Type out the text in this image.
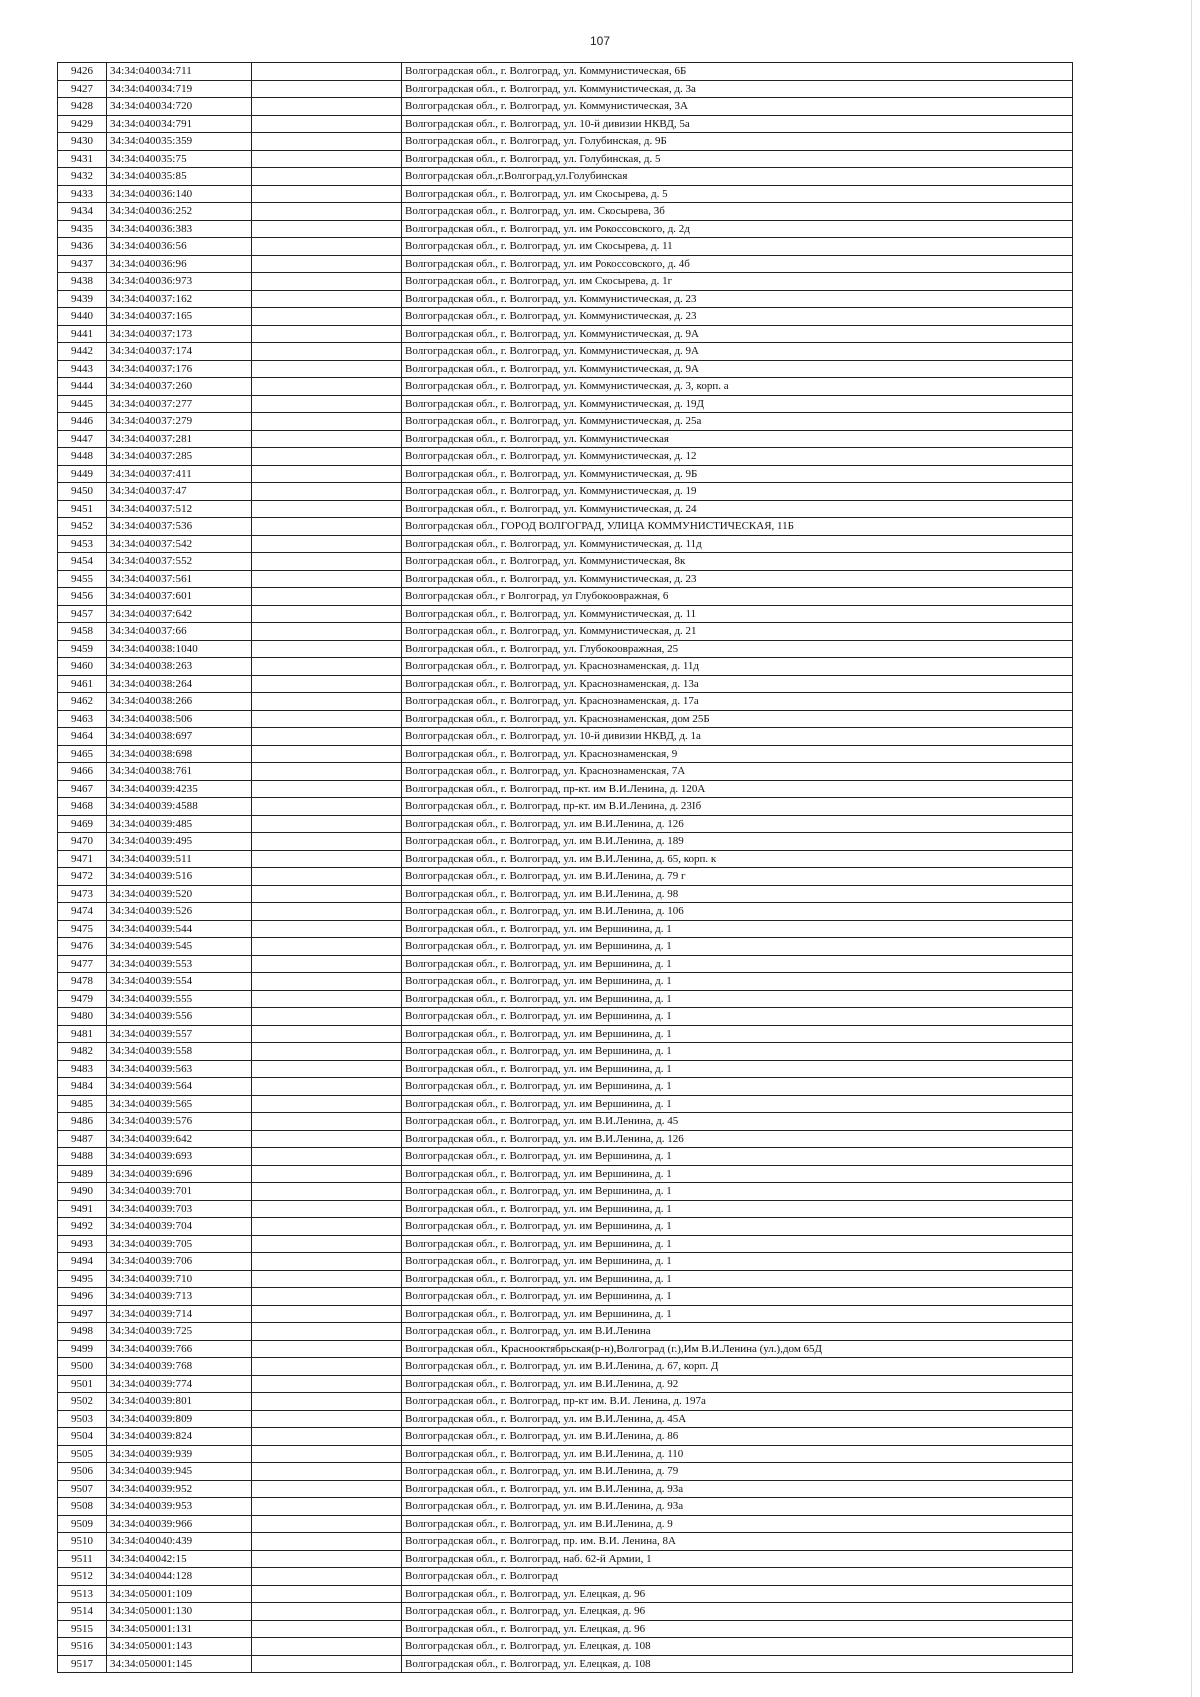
107
9426	34:34:040034:711		Волгоградская обл., г. Волгоград, ул. Коммунистическая, 6Б
9427	34:34:040034:719		Волгоградская обл., г. Волгоград, ул. Коммунистическая, д. 3а
9428	34:34:040034:720		Волгоградская обл., г. Волгоград, ул. Коммунистическая, 3А
9429	34:34:040034:791		Волгоградская обл., г. Волгоград, ул. 10-й дивизии НКВД, 5а
9430	34:34:040035:359		Волгоградская обл., г. Волгоград, ул. Голубинская, д. 9Б
9431	34:34:040035:75		Волгоградская обл., г. Волгоград, ул. Голубинская, д. 5
9432	34:34:040035:85		Волгоградская обл.,г.Волгоград,ул.Голубинская
9433	34:34:040036:140		Волгоградская обл., г. Волгоград, ул. им Скосырева, д. 5
9434	34:34:040036:252		Волгоградская обл., г. Волгоград, ул. им. Скосырева, 3б
9435	34:34:040036:383		Волгоградская обл., г. Волгоград, ул. им Рокоссовского, д. 2д
9436	34:34:040036:56		Волгоградская обл., г. Волгоград, ул. им Скосырева, д. 11
9437	34:34:040036:96		Волгоградская обл., г. Волгоград, ул. им Рокоссовского, д. 4б
9438	34:34:040036:973		Волгоградская обл., г. Волгоград, ул. им Скосырева, д. 1г
9439	34:34:040037:162		Волгоградская обл., г. Волгоград, ул. Коммунистическая, д. 23
9440	34:34:040037:165		Волгоградская обл., г. Волгоград, ул. Коммунистическая, д. 23
9441	34:34:040037:173		Волгоградская обл., г. Волгоград, ул. Коммунистическая, д. 9А
9442	34:34:040037:174		Волгоградская обл., г. Волгоград, ул. Коммунистическая, д. 9А
9443	34:34:040037:176		Волгоградская обл., г. Волгоград, ул. Коммунистическая, д. 9А
9444	34:34:040037:260		Волгоградская обл., г. Волгоград, ул. Коммунистическая, д. 3, корп. а
9445	34:34:040037:277		Волгоградская обл., г. Волгоград, ул. Коммунистическая, д. 19Д
9446	34:34:040037:279		Волгоградская обл., г. Волгоград, ул. Коммунистическая, д. 25а
9447	34:34:040037:281		Волгоградская обл., г. Волгоград, ул. Коммунистическая
9448	34:34:040037:285		Волгоградская обл., г. Волгоград, ул. Коммунистическая, д. 12
9449	34:34:040037:411		Волгоградская обл., г. Волгоград, ул. Коммунистическая, д. 9Б
9450	34:34:040037:47		Волгоградская обл., г. Волгоград, ул. Коммунистическая, д. 19
9451	34:34:040037:512		Волгоградская обл., г. Волгоград, ул. Коммунистическая, д. 24
9452	34:34:040037:536		Волгоградская обл., ГОРОД ВОЛГОГРАД, УЛИЦА КОММУНИСТИЧЕСКАЯ, 11Б
9453	34:34:040037:542		Волгоградская обл., г. Волгоград, ул. Коммунистическая, д. 11д
9454	34:34:040037:552		Волгоградская обл., г. Волгоград, ул. Коммунистическая, 8к
9455	34:34:040037:561		Волгоградская обл., г. Волгоград, ул. Коммунистическая, д. 23
9456	34:34:040037:601		Волгоградская обл., г Волгоград, ул Глубокоовражная, 6
9457	34:34:040037:642		Волгоградская обл., г. Волгоград, ул. Коммунистическая, д. 11
9458	34:34:040037:66		Волгоградская обл., г. Волгоград, ул. Коммунистическая, д. 21
9459	34:34:040038:1040		Волгоградская обл., г. Волгоград, ул. Глубокоовражная, 25
9460	34:34:040038:263		Волгоградская обл., г. Волгоград, ул. Краснознаменская, д. 11д
9461	34:34:040038:264		Волгоградская обл., г. Волгоград, ул. Краснознаменская, д. 13а
9462	34:34:040038:266		Волгоградская обл., г. Волгоград, ул. Краснознаменская, д. 17а
9463	34:34:040038:506		Волгоградская обл., г. Волгоград, ул. Краснознаменская, дом 25Б
9464	34:34:040038:697		Волгоградская обл., г. Волгоград, ул. 10-й дивизии НКВД, д. 1а
9465	34:34:040038:698		Волгоградская обл., г. Волгоград, ул. Краснознаменская, 9
9466	34:34:040038:761		Волгоградская обл., г. Волгоград, ул. Краснознаменская, 7А
9467	34:34:040039:4235		Волгоградская обл., г. Волгоград, пр-кт. им В.И.Ленина, д. 120А
9468	34:34:040039:4588		Волгоградская обл., г. Волгоград, пр-кт. им В.И.Ленина, д. 23Іб
9469	34:34:040039:485		Волгоградская обл., г. Волгоград, ул. им В.И.Ленина, д. 126
9470	34:34:040039:495		Волгоградская обл., г. Волгоград, ул. им В.И.Ленина, д. 189
9471	34:34:040039:511		Волгоградская обл., г. Волгоград, ул. им В.И.Ленина, д. 65, корп. к
9472	34:34:040039:516		Волгоградская обл., г. Волгоград, ул. им В.И.Ленина, д. 79 г
9473	34:34:040039:520		Волгоградская обл., г. Волгоград, ул. им В.И.Ленина, д. 98
9474	34:34:040039:526		Волгоградская обл., г. Волгоград, ул. им В.И.Ленина, д. 106
9475	34:34:040039:544		Волгоградская обл., г. Волгоград, ул. им Вершинина, д. 1
9476	34:34:040039:545		Волгоградская обл., г. Волгоград, ул. им Вершинина, д. 1
9477	34:34:040039:553		Волгоградская обл., г. Волгоград, ул. им Вершинина, д. 1
9478	34:34:040039:554		Волгоградская обл., г. Волгоград, ул. им Вершинина, д. 1
9479	34:34:040039:555		Волгоградская обл., г. Волгоград, ул. им Вершинина, д. 1
9480	34:34:040039:556		Волгоградская обл., г. Волгоград, ул. им Вершинина, д. 1
9481	34:34:040039:557		Волгоградская обл., г. Волгоград, ул. им Вершинина, д. 1
9482	34:34:040039:558		Волгоградская обл., г. Волгоград, ул. им Вершинина, д. 1
9483	34:34:040039:563		Волгоградская обл., г. Волгоград, ул. им Вершинина, д. 1
9484	34:34:040039:564		Волгоградская обл., г. Волгоград, ул. им Вершинина, д. 1
9485	34:34:040039:565		Волгоградская обл., г. Волгоград, ул. им Вершинина, д. 1
9486	34:34:040039:576		Волгоградская обл., г. Волгоград, ул. им В.И.Ленина, д. 45
9487	34:34:040039:642		Волгоградская обл., г. Волгоград, ул. им В.И.Ленина, д. 126
9488	34:34:040039:693		Волгоградская обл., г. Волгоград, ул. им Вершинина, д. 1
9489	34:34:040039:696		Волгоградская обл., г. Волгоград, ул. им Вершинина, д. 1
9490	34:34:040039:701		Волгоградская обл., г. Волгоград, ул. им Вершинина, д. 1
9491	34:34:040039:703		Волгоградская обл., г. Волгоград, ул. им Вершинина, д. 1
9492	34:34:040039:704		Волгоградская обл., г. Волгоград, ул. им Вершинина, д. 1
9493	34:34:040039:705		Волгоградская обл., г. Волгоград, ул. им Вершинина, д. 1
9494	34:34:040039:706		Волгоградская обл., г. Волгоград, ул. им Вершинина, д. 1
9495	34:34:040039:710		Волгоградская обл., г. Волгоград, ул. им Вершинина, д. 1
9496	34:34:040039:713		Волгоградская обл., г. Волгоград, ул. им Вершинина, д. 1
9497	34:34:040039:714		Волгоградская обл., г. Волгоград, ул. им Вершинина, д. 1
9498	34:34:040039:725		Волгоградская обл., г. Волгоград, ул. им В.И.Ленина
9499	34:34:040039:766		Волгоградская обл., Краснооктябрьская(р-н),Волгоград (г.),Им В.И.Ленина (ул.),дом 65Д
9500	34:34:040039:768		Волгоградская обл., г. Волгоград, ул. им В.И.Ленина, д. 67, корп. Д
9501	34:34:040039:774		Волгоградская обл., г. Волгоград, ул. им В.И.Ленина, д. 92
9502	34:34:040039:801		Волгоградская обл., г. Волгоград, пр-кт им. В.И. Ленина, д. 197а
9503	34:34:040039:809		Волгоградская обл., г. Волгоград, ул. им В.И.Ленина, д. 45А
9504	34:34:040039:824		Волгоградская обл., г. Волгоград, ул. им В.И.Ленина, д. 86
9505	34:34:040039:939		Волгоградская обл., г. Волгоград, ул. им В.И.Ленина, д. 110
9506	34:34:040039:945		Волгоградская обл., г. Волгоград, ул. им В.И.Ленина, д. 79
9507	34:34:040039:952		Волгоградская обл., г. Волгоград, ул. им В.И.Ленина, д. 93а
9508	34:34:040039:953		Волгоградская обл., г. Волгоград, ул. им В.И.Ленина, д. 93а
9509	34:34:040039:966		Волгоградская обл., г. Волгоград, ул. им В.И.Ленина, д. 9
9510	34:34:040040:439		Волгоградская обл., г. Волгоград, пр. им. В.И. Ленина, 8А
9511	34:34:040042:15		Волгоградская обл., г. Волгоград, наб. 62-й Армии, 1
9512	34:34:040044:128		Волгоградская обл., г. Волгоград
9513	34:34:050001:109		Волгоградская обл., г. Волгоград, ул. Елецкая, д. 96
9514	34:34:050001:130		Волгоградская обл., г. Волгоград, ул. Елецкая, д. 96
9515	34:34:050001:131		Волгоградская обл., г. Волгоград, ул. Елецкая, д. 96
9516	34:34:050001:143		Волгоградская обл., г. Волгоград, ул. Елецкая, д. 108
9517	34:34:050001:145		Волгоградская обл., г. Волгоград, ул. Елецкая, д. 108
